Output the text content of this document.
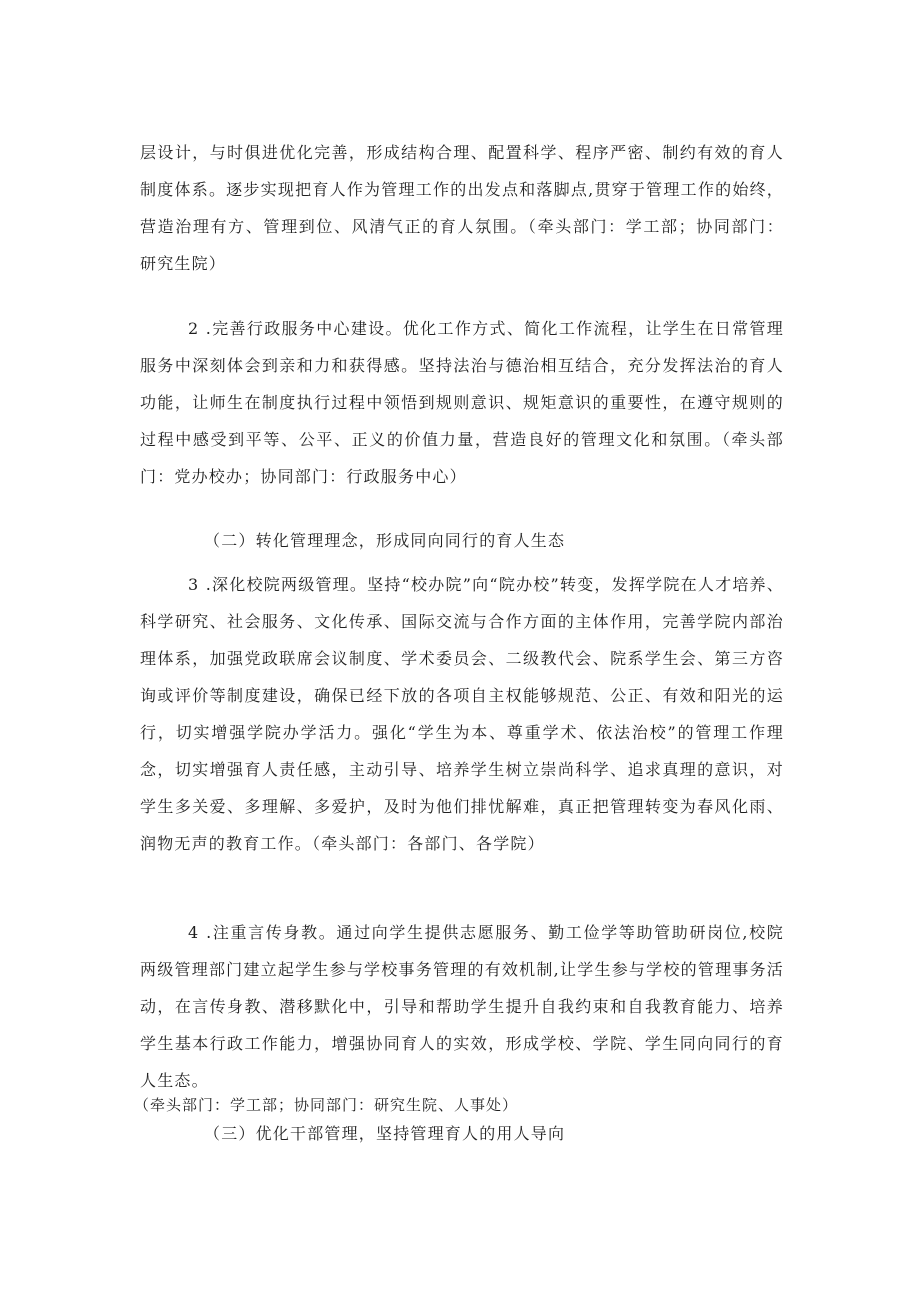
层设计，与时俱进优化完善，形成结构合理、配置科学、程序严密、制约有效的育人制度体系。逐步实现把育人作为管理工作的出发点和落脚点,贯穿于管理工作的始终，营造治理有方、管理到位、风清气正的育人氛围。（牵头部门：学工部；协同部门：研究生院）

2 .完善行政服务中心建设。优化工作方式、简化工作流程，让学生在日常管理服务中深刻体会到亲和力和获得感。坚持法治与德治相互结合，充分发挥法治的育人功能，让师生在制度执行过程中领悟到规则意识、规矩意识的重要性，在遵守规则的过程中感受到平等、公平、正义的价值力量，营造良好的管理文化和氛围。（牵头部门：党办校办；协同部门：行政服务中心）

（二）转化管理理念，形成同向同行的育人生态

3 .深化校院两级管理。坚持“校办院”向“院办校”转变，发挥学院在人才培养、科学研究、社会服务、文化传承、国际交流与合作方面的主体作用，完善学院内部治理体系，加强党政联席会议制度、学术委员会、二级教代会、院系学生会、第三方咨询或评价等制度建设，确保已经下放的各项自主权能够规范、公正、有效和阳光的运行，切实增强学院办学活力。强化“学生为本、尊重学术、依法治校”的管理工作理念，切实增强育人责任感，主动引导、培养学生树立崇尚科学、追求真理的意识，对学生多关爱、多理解、多爱护，及时为他们排忧解难，真正把管理转变为春风化雨、润物无声的教育工作。（牵头部门：各部门、各学院）

4 .注重言传身教。通过向学生提供志愿服务、勤工俭学等助管助研岗位,校院两级管理部门建立起学生参与学校事务管理的有效机制,让学生参与学校的管理事务活动，在言传身教、潜移默化中，引导和帮助学生提升自我约束和自我教育能力、培养学生基本行政工作能力，增强协同育人的实效，形成学校、学院、学生同向同行的育人生态。

（牵头部门：学工部；协同部门：研究生院、人事处）

（三）优化干部管理，坚持管理育人的用人导向
